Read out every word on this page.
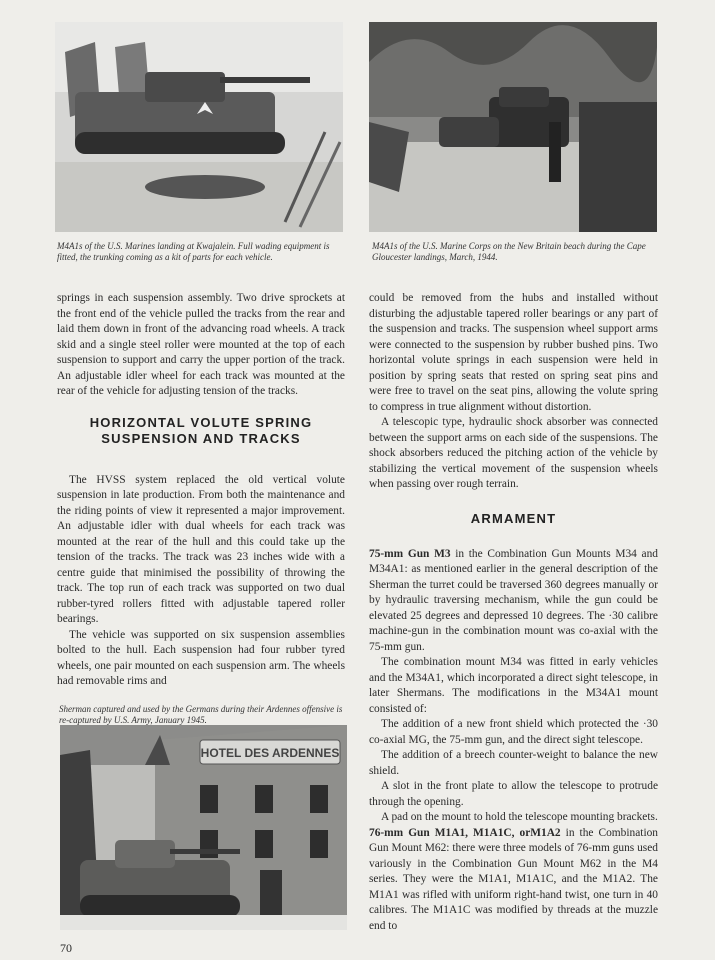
M4A1s of the U.S. Marines landing at Kwajalein. Full wading equipment is fitted, the trunking coming as a kit of parts for each vehicle.
M4A1s of the U.S. Marine Corps on the New Britain beach during the Cape Gloucester landings, March, 1944.

springs in each suspension assembly. Two drive sprockets at the front end of the vehicle pulled the tracks from the rear and laid them down in front of the advancing road wheels. A track skid and a single steel roller were mounted at the top of each suspension to support and carry the upper portion of the track. An adjustable idler wheel for each track was mounted at the rear of the vehicle for adjusting tension of the tracks.

HORIZONTAL VOLUTE SPRING SUSPENSION AND TRACKS

The HVSS system replaced the old vertical volute suspension in late production. From both the maintenance and the riding points of view it represented a major improvement. An adjustable idler with dual wheels for each track was mounted at the rear of the hull and this could take up the tension of the tracks. The track was 23 inches wide with a centre guide that minimised the possibility of throwing the track. The top run of each track was supported on two dual rubber-tyred rollers fitted with adjustable tapered roller bearings.

The vehicle was supported on six suspension assemblies bolted to the hull. Each suspension had four rubber tyred wheels, one pair mounted on each suspension arm. The wheels had removable rims and

Sherman captured and used by the Germans during their Ardennes offensive is re-captured by U.S. Army, January 1945.
HOTEL DES ARDENNES

could be removed from the hubs and installed without disturbing the adjustable tapered roller bearings or any part of the suspension and tracks. The suspension wheel support arms were connected to the suspension by rubber bushed pins. Two horizontal volute springs in each suspension were held in position by spring seats that rested on spring seat pins and were free to travel on the seat pins, allowing the volute spring to compress in true alignment without distortion.

A telescopic type, hydraulic shock absorber was connected between the support arms on each side of the suspensions. The shock absorbers reduced the pitching action of the vehicle by stabilizing the vertical movement of the suspension wheels when passing over rough terrain.

ARMAMENT

75-mm Gun M3 in the Combination Gun Mounts M34 and M34A1: as mentioned earlier in the general description of the Sherman the turret could be traversed 360 degrees manually or by hydraulic traversing mechanism, while the gun could be elevated 25 degrees and depressed 10 degrees. The ·30 calibre machine-gun in the combination mount was co-axial with the 75-mm gun.

The combination mount M34 was fitted in early vehicles and the M34A1, which incorporated a direct sight telescope, in later Shermans. The modifications in the M34A1 mount consisted of:

The addition of a new front shield which protected the ·30 co-axial MG, the 75-mm gun, and the direct sight telescope.

The addition of a breech counter-weight to balance the new shield.

A slot in the front plate to allow the telescope to protrude through the opening.

A pad on the mount to hold the telescope mounting brackets.

76-mm Gun M1A1, M1A1C, orM1A2 in the Combination Gun Mount M62: there were three models of 76-mm guns used variously in the Combination Gun Mount M62 in the M4 series. They were the M1A1, M1A1C, and the M1A2. The M1A1 was rifled with uniform right-hand twist, one turn in 40 calibres. The M1A1C was modified by threads at the muzzle end to

70
